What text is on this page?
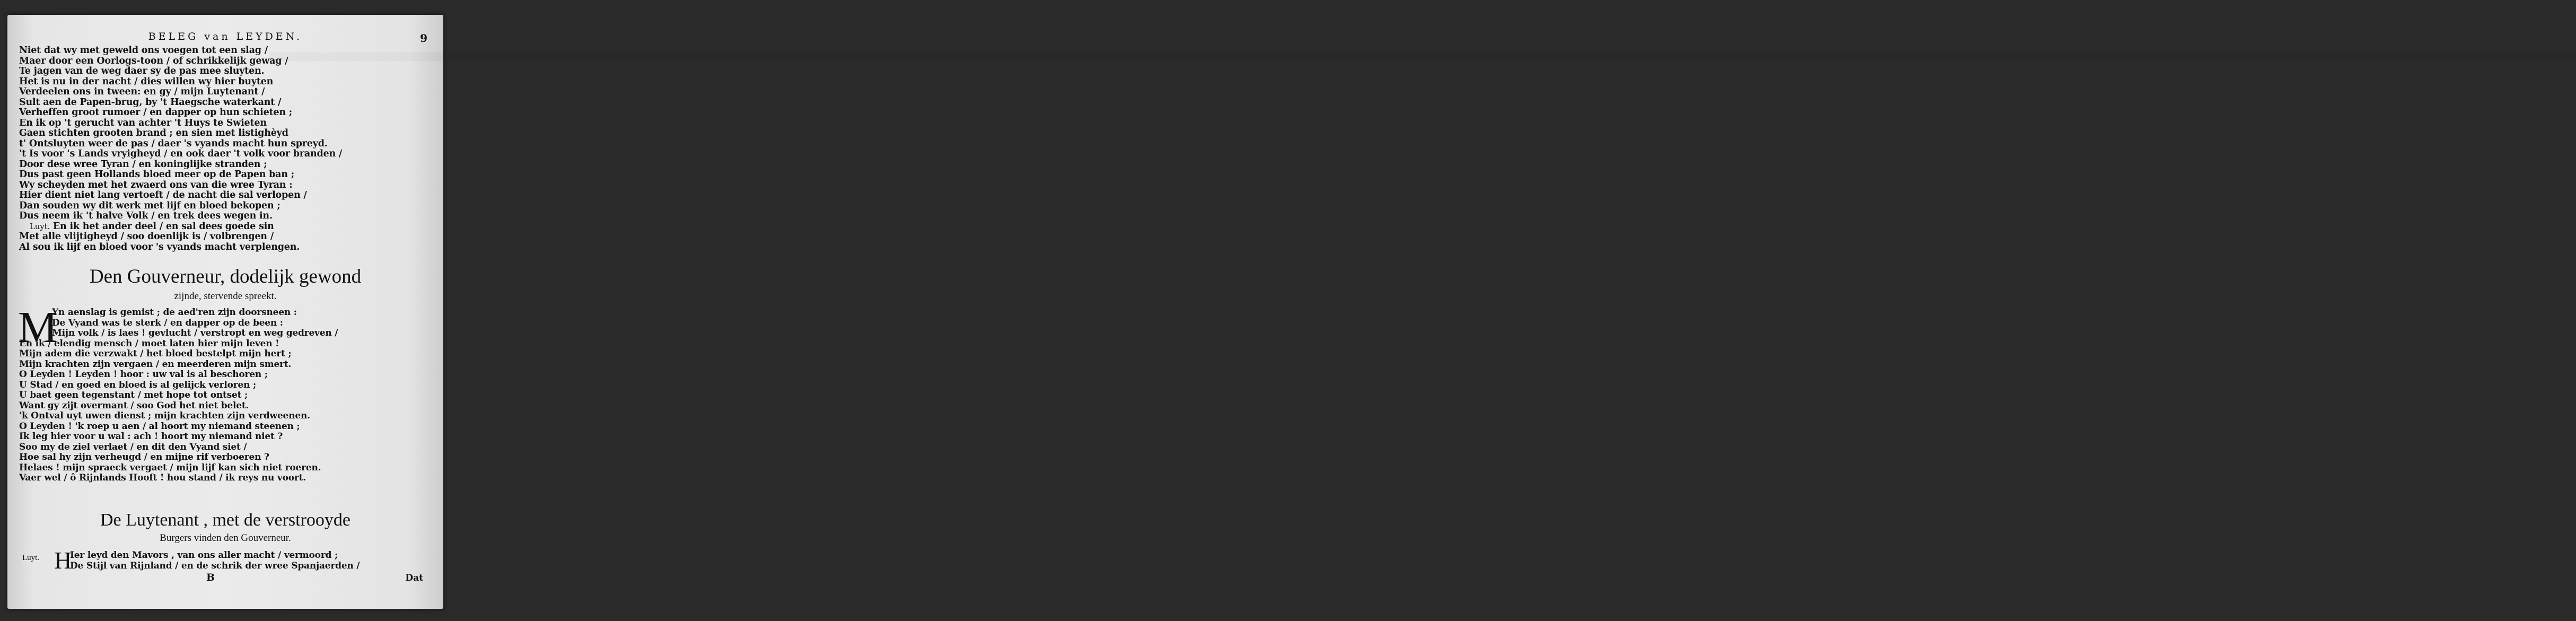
▒▒▒▒▒▒▒▒▒▒▒▒▒▒▒▒▒▒▒▒▒▒▒▒▒▒▒▒▒▒▒▒▒▒▒▒▒▒▒▒▒▒▒▒▒▒▒▒▒▒▒▒▒▒▒▒▒▒▒▒▒▒▒▒▒▒▒▒▒▒▒▒▒▒▒▒▒▒▒▒▒▒▒▒▒▒▒▒▒▒▒▒▒▒▒▒▒▒▒▒▒▒▒▒▒▒▒▒▒▒▒▒▒▒▒▒▒▒▒▒▒▒▒▒▒▒▒▒▒▒▒▒▒▒▒▒▒▒▒▒▒▒▒▒▒▒▒▒▒▒▒▒▒▒▒▒▒▒▒▒▒▒▒▒▒▒▒▒▒▒▒▒▒▒▒▒▒▒▒▒▒▒▒▒▒▒▒▒▒▒▒▒▒▒▒▒▒▒▒▒▒▒▒▒▒▒▒▒▒▒▒▒▒▒▒▒▒▒▒▒▒▒▒▒▒▒▒▒▒▒▒▒▒▒▒▒▒▒▒▒▒▒▒▒▒▒▒▒▒▒▒▒▒▒▒▒▒▒▒▒▒▒▒▒▒▒▒▒▒▒▒▒▒▒▒▒▒▒▒▒▒▒▒▒▒▒▒▒▒▒▒▒▒▒▒▒▒▒▒▒▒▒▒▒▒▒▒▒▒▒▒▒▒▒▒▒▒▒▒▒▒▒▒▒▒▒▒▒▒▒▒▒▒▒▒▒▒▒▒▒▒▒▒▒▒▒▒▒▒▒▒▒▒▒▒▒▒▒▒▒▒▒▒▒▒▒▒▒▒▒▒▒▒▒▒▒▒▒▒▒▒▒▒▒▒▒▒▒▒▒▒▒▒▒▒▒▒▒▒▒▒▒▒▒
BELEG van LEYDEN.	9
Niet dat wy met geweld ons voegen tot een slag /
Maer door een Oorlogs-toon / of schrikkelijk gewag /
Te jagen van de weg daer sy de pas mee sluyten.
Het is nu in der nacht / dies willen wy hier buyten
Verdeelen ons in tween: en gy / mijn Luytenant /
Sult aen de Papen-brug, by 't Haegsche waterkant /
Verheffen groot rumoer / en dapper op hun schieten ;
En ik op 't gerucht van achter 't Huys te Swieten
Gaen stichten grooten brand ; en sien met listighèyd
t' Ontsluyten weer de pas / daer 's vyands macht hun spreyd.
't Is voor 's Lands vryigheyd / en ook daer 't volk voor branden /
Door dese wree Tyran / en koninglijke stranden ;
Dus past geen Hollands bloed meer op de Papen ban ;
Wy scheyden met het zwaerd ons van die wree Tyran :
Hier dient niet lang vertoeft / de nacht die sal verlopen /
Dan souden wy dit werk met lijf en bloed bekopen ;
Dus neem ik 't halve Volk / en trek dees wegen in.
Luyt. En ik het ander deel / en sal dees goede sin
Met alle vlijtigheyd / soo doenlijk is / volbrengen /
Al sou ik lijf en bloed voor 's vyands macht verplengen.
Den Gouverneur, dodelijk gewond
zijnde, stervende spreekt.
M
Yn aenslag is gemist ; de aed'ren zijn doorsneen :
De Vyand was te sterk / en dapper op de been :
Mijn volk / is laes ! gevlucht / verstropt en weg gedreven /
En ik / elendig mensch / moet laten hier mijn leven !
Mijn adem die verzwakt / het bloed bestelpt mijn hert ;
Mijn krachten zijn vergaen / en meerderen mijn smert.
O Leyden ! Leyden ! hoor : uw val is al beschoren ;
U Stad / en goed en bloed is al gelijck verloren ;
U baet geen tegenstant / met hope tot ontset ;
Want gy zijt overmant / soo God het niet belet.
'k Ontval uyt uwen dienst ; mijn krachten zijn verdweenen.
O Leyden ! 'k roep u aen / al hoort my niemand steenen ;
Ik leg hier voor u wal : ach ! hoort my niemand niet ?
Soo my de ziel verlaet / en dit den Vyand siet /
Hoe sal hy zijn verheugd / en mijne rif verboeren ?
Helaes ! mijn spraeck vergaet / mijn lijf kan sich niet roeren.
Vaer wel / ô Rijnlands Hooft ! hou stand / ik reys nu voort.
De Luytenant , met de verstrooyde
Burgers vinden den Gouverneur.
Luyt. H
Ier leyd den Mavors , van ons aller macht / vermoord ;
De Stijl van Rijnland / en de schrik der wree Spanjaerden /
B	Dat
